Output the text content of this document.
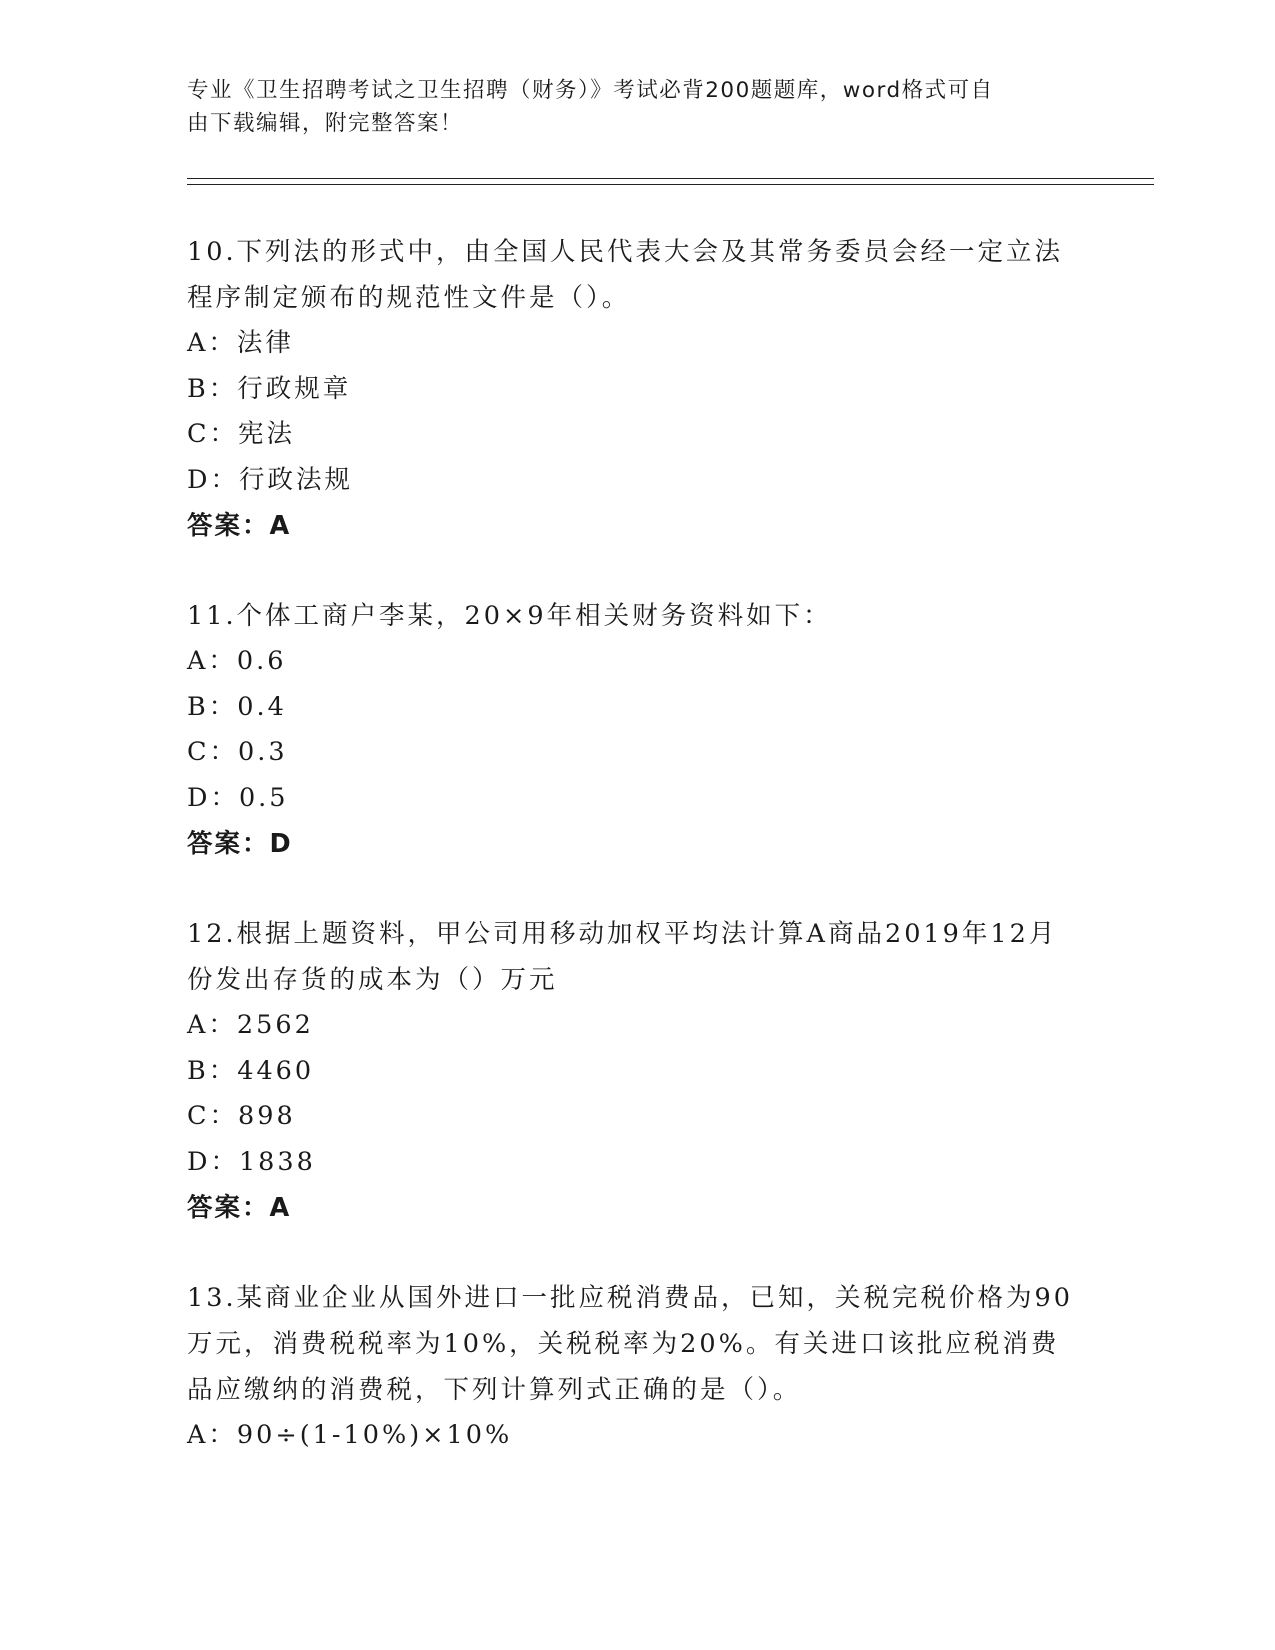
专业《卫生招聘考试之卫生招聘（财务）》考试必背200题题库，word格式可自
由下载编辑，附完整答案！
10.下列法的形式中，由全国人民代表大会及其常务委员会经一定立法
程序制定颁布的规范性文件是（）。
A：法律
B：行政规章
C：宪法
D：行政法规
答案：A
11.个体工商户李某，20×9年相关财务资料如下：
A：0.6
B：0.4
C：0.3
D：0.5
答案：D
12.根据上题资料，甲公司用移动加权平均法计算A商品2019年12月
份发出存货的成本为（）万元
A：2562
B：4460
C：898
D：1838
答案：A
13.某商业企业从国外进口一批应税消费品，已知，关税完税价格为90
万元，消费税税率为10%，关税税率为20%。有关进口该批应税消费
品应缴纳的消费税，下列计算列式正确的是（）。
A：90÷(1-10%)×10%
